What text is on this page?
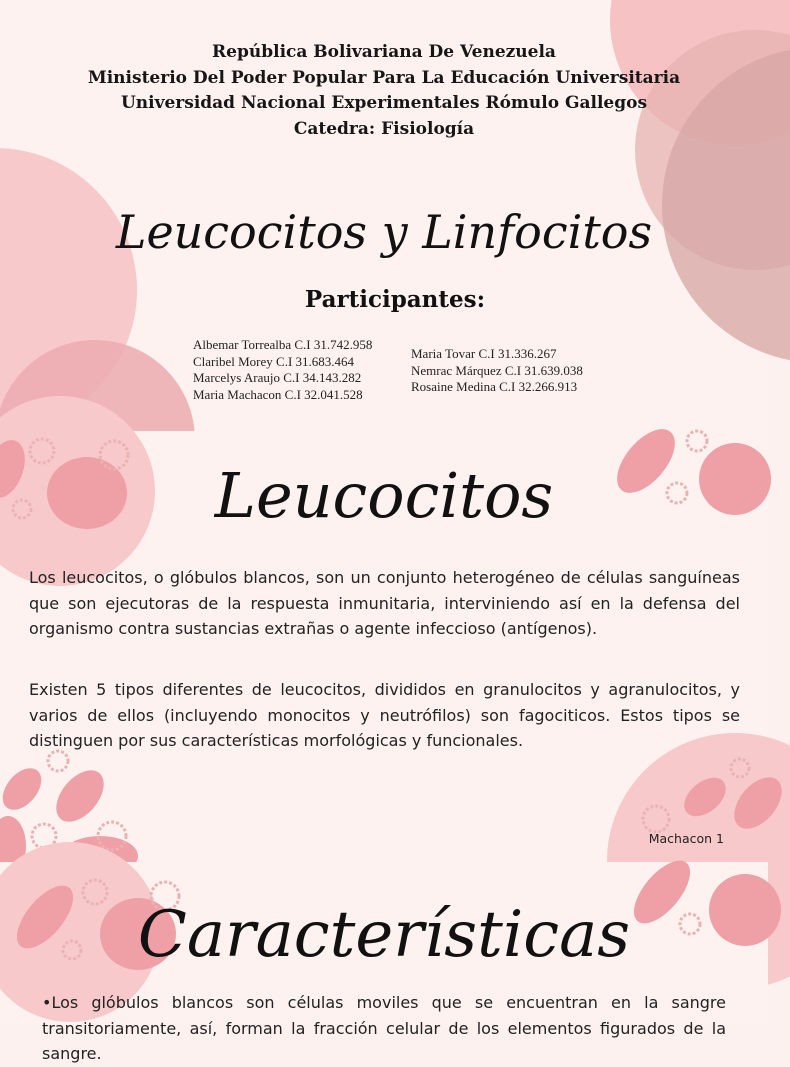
República Bolivariana De Venezuela
Ministerio Del Poder Popular Para La Educación Universitaria
Universidad Nacional Experimentales Rómulo Gallegos
Catedra: Fisiología
Leucocitos y Linfocitos
Participantes:
Albemar Torrealba C.I 31.742.958
Claribel Morey C.I 31.683.464
Marcelys Araujo C.I 34.143.282
Maria Machacon C.I 32.041.528
Maria Tovar C.I 31.336.267
Nemrac Márquez C.I 31.639.038
Rosaine Medina C.I 32.266.913
Leucocitos

Los leucocitos, o glóbulos blancos, son un conjunto heterogéneo de células sanguíneas que son ejecutoras de la respuesta inmunitaria, interviniendo así en la defensa del organismo contra sustancias extrañas o agente infeccioso (antígenos).

Existen 5 tipos diferentes de leucocitos, divididos en granulocitos y agranulocitos, y varios de ellos (incluyendo monocitos y neutrófilos) son fagociticos. Estos tipos se distinguen por sus características morfológicas y funcionales.

Machacon 1
Características

•Los glóbulos blancos son células moviles que se encuentran en la sangre transitoriamente, así, forman la fracción celular de los elementos figurados de la sangre.
